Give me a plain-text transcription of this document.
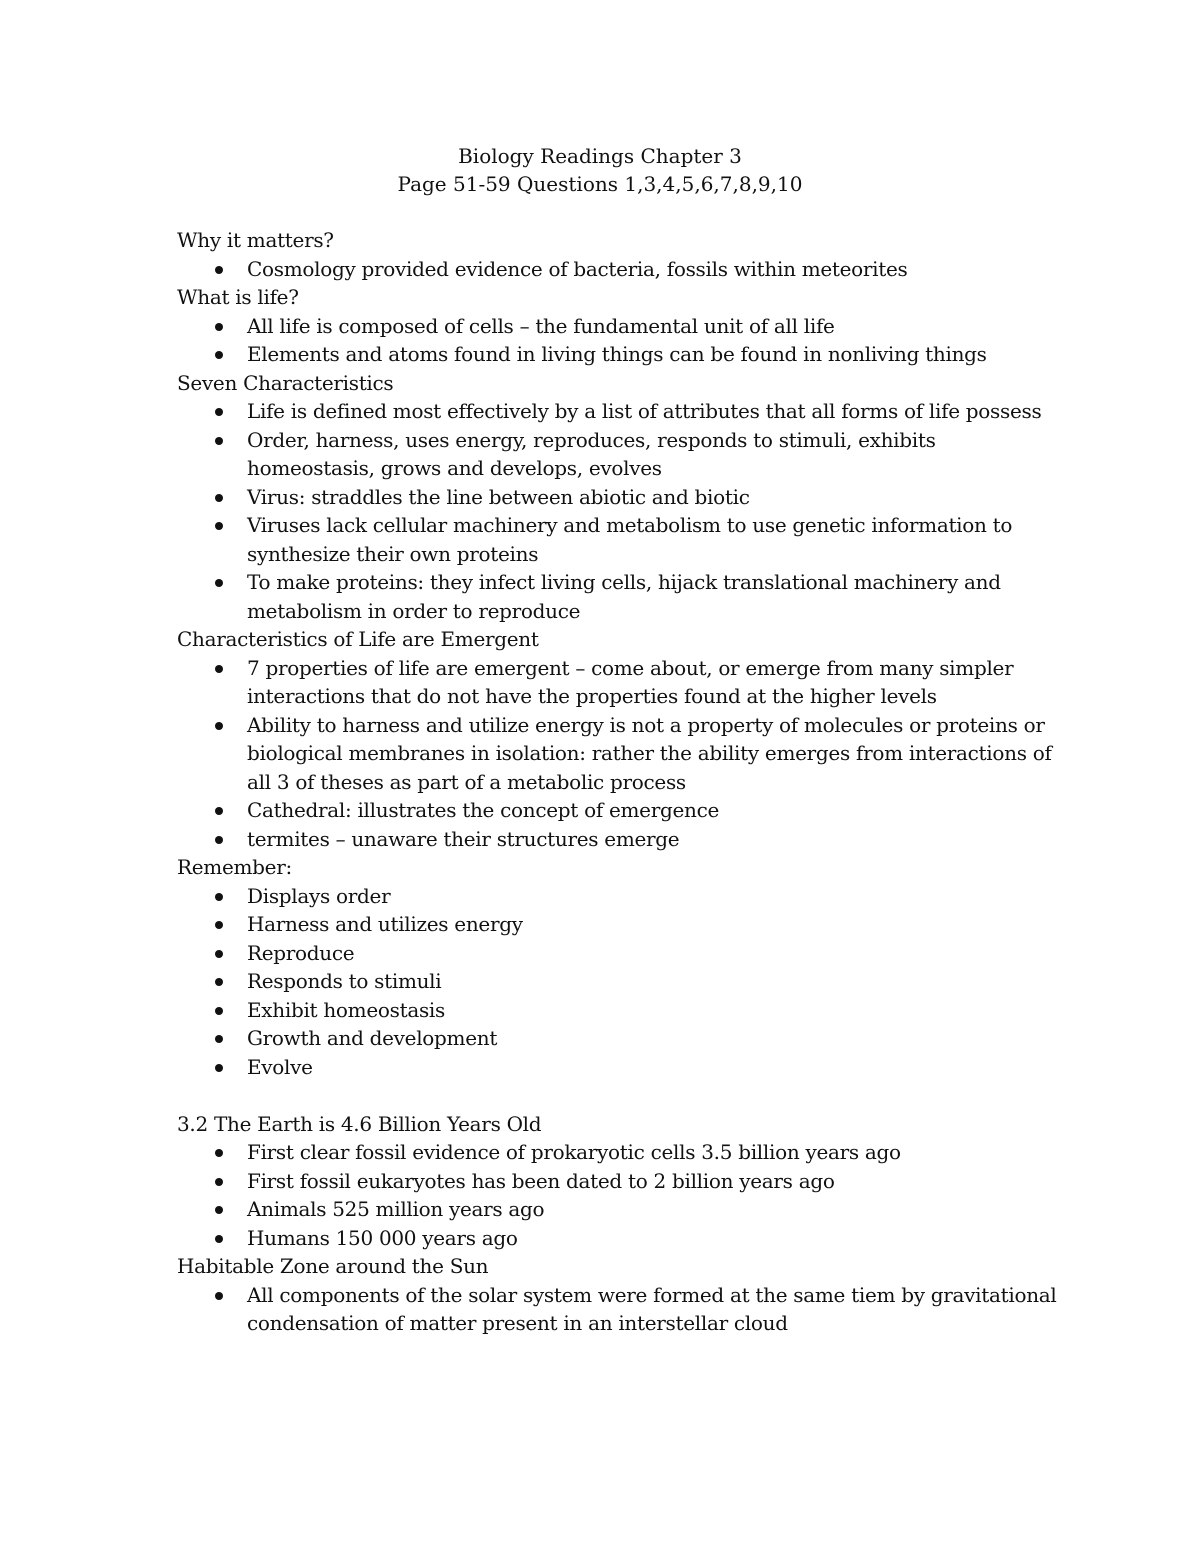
Biology Readings Chapter 3
Page 51-59 Questions 1,3,4,5,6,7,8,9,10
Why it matters?
Cosmology provided evidence of bacteria, fossils within meteorites
What is life?
All life is composed of cells – the fundamental unit of all life
Elements and atoms found in living things can be found in nonliving things
Seven Characteristics
Life is defined most effectively by a list of attributes that all forms of life possess
Order, harness, uses energy, reproduces, responds to stimuli, exhibits homeostasis, grows and develops, evolves
Virus: straddles the line between abiotic and biotic
Viruses lack cellular machinery and metabolism to use genetic information to synthesize their own proteins
To make proteins: they infect living cells, hijack translational machinery and metabolism in order to reproduce
Characteristics of Life are Emergent
7 properties of life are emergent – come about, or emerge from many simpler interactions that do not have the properties found at the higher levels
Ability to harness and utilize energy is not a property of molecules or proteins or biological membranes in isolation: rather the ability emerges from interactions of all 3 of theses as part of a metabolic process
Cathedral: illustrates the concept of emergence
termites – unaware their structures emerge
Remember:
Displays order
Harness and utilizes energy
Reproduce
Responds to stimuli
Exhibit homeostasis
Growth and development
Evolve
3.2 The Earth is 4.6 Billion Years Old
First clear fossil evidence of prokaryotic cells 3.5 billion years ago
First fossil eukaryotes has been dated to 2 billion years ago
Animals 525 million years ago
Humans 150 000 years ago
Habitable Zone around the Sun
All components of the solar system were formed at the same tiem by gravitational condensation of matter present in an interstellar cloud
